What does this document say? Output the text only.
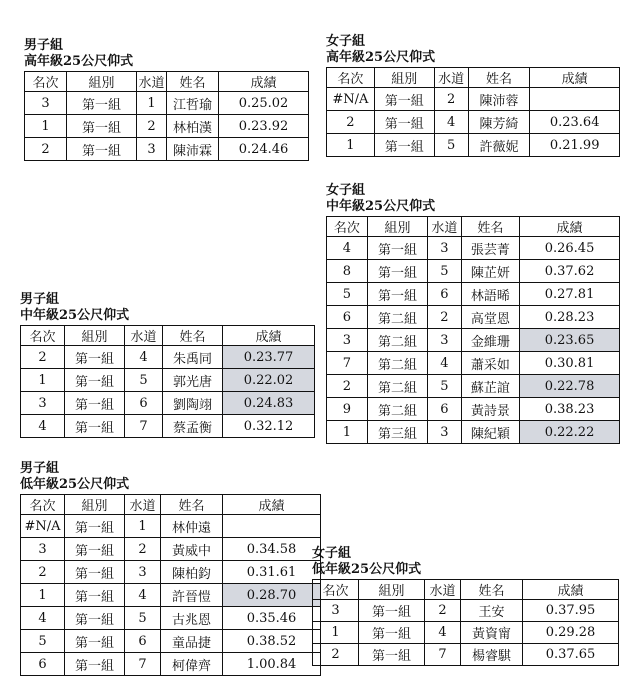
男子組
高年級25公尺仰式
名次	組別	水道	姓名	成績
3	第一組	1	江哲瑜	0.25.02
1	第一組	2	林柏漢	0.23.92
2	第一組	3	陳沛霖	0.24.46
女子組
高年級25公尺仰式
名次	組別	水道	姓名	成績
#N/A	第一組	2	陳沛蓉	
2	第一組	4	陳芳綺	0.23.64
1	第一組	5	許薇妮	0.21.99
女子組
中年級25公尺仰式
名次	組別	水道	姓名	成績
4	第一組	3	張芸菁	0.26.45
8	第一組	5	陳芷妍	0.37.62
5	第一組	6	林語晞	0.27.81
6	第二組	2	高堂恩	0.28.23
3	第二組	3	金維珊	0.23.65
7	第二組	4	蕭采如	0.30.81
2	第二組	5	蘇芷誼	0.22.78
9	第二組	6	黃詩景	0.38.23
1	第三組	3	陳紀穎	0.22.22
男子組
中年級25公尺仰式
名次	組別	水道	姓名	成績
2	第一組	4	朱禹同	0.23.77
1	第一組	5	郭光唐	0.22.02
3	第一組	6	劉陶翊	0.24.83
4	第一組	7	蔡孟衡	0.32.12
男子組
低年級25公尺仰式
名次	組別	水道	姓名	成績
#N/A	第一組	1	林仲遠	
3	第一組	2	黃威中	0.34.58
2	第一組	3	陳柏鈞	0.31.61
1	第一組	4	許晉愷	0.28.70
4	第一組	5	古兆恩	0.35.46
5	第一組	6	童品捷	0.38.52
6	第一組	7	柯偉齊	1.00.84
女子組
低年級25公尺仰式
名次	組別	水道	姓名	成績
3	第一組	2	王安	0.37.95
1	第一組	4	黃資甯	0.29.28
2	第一組	7	楊睿騏	0.37.65
